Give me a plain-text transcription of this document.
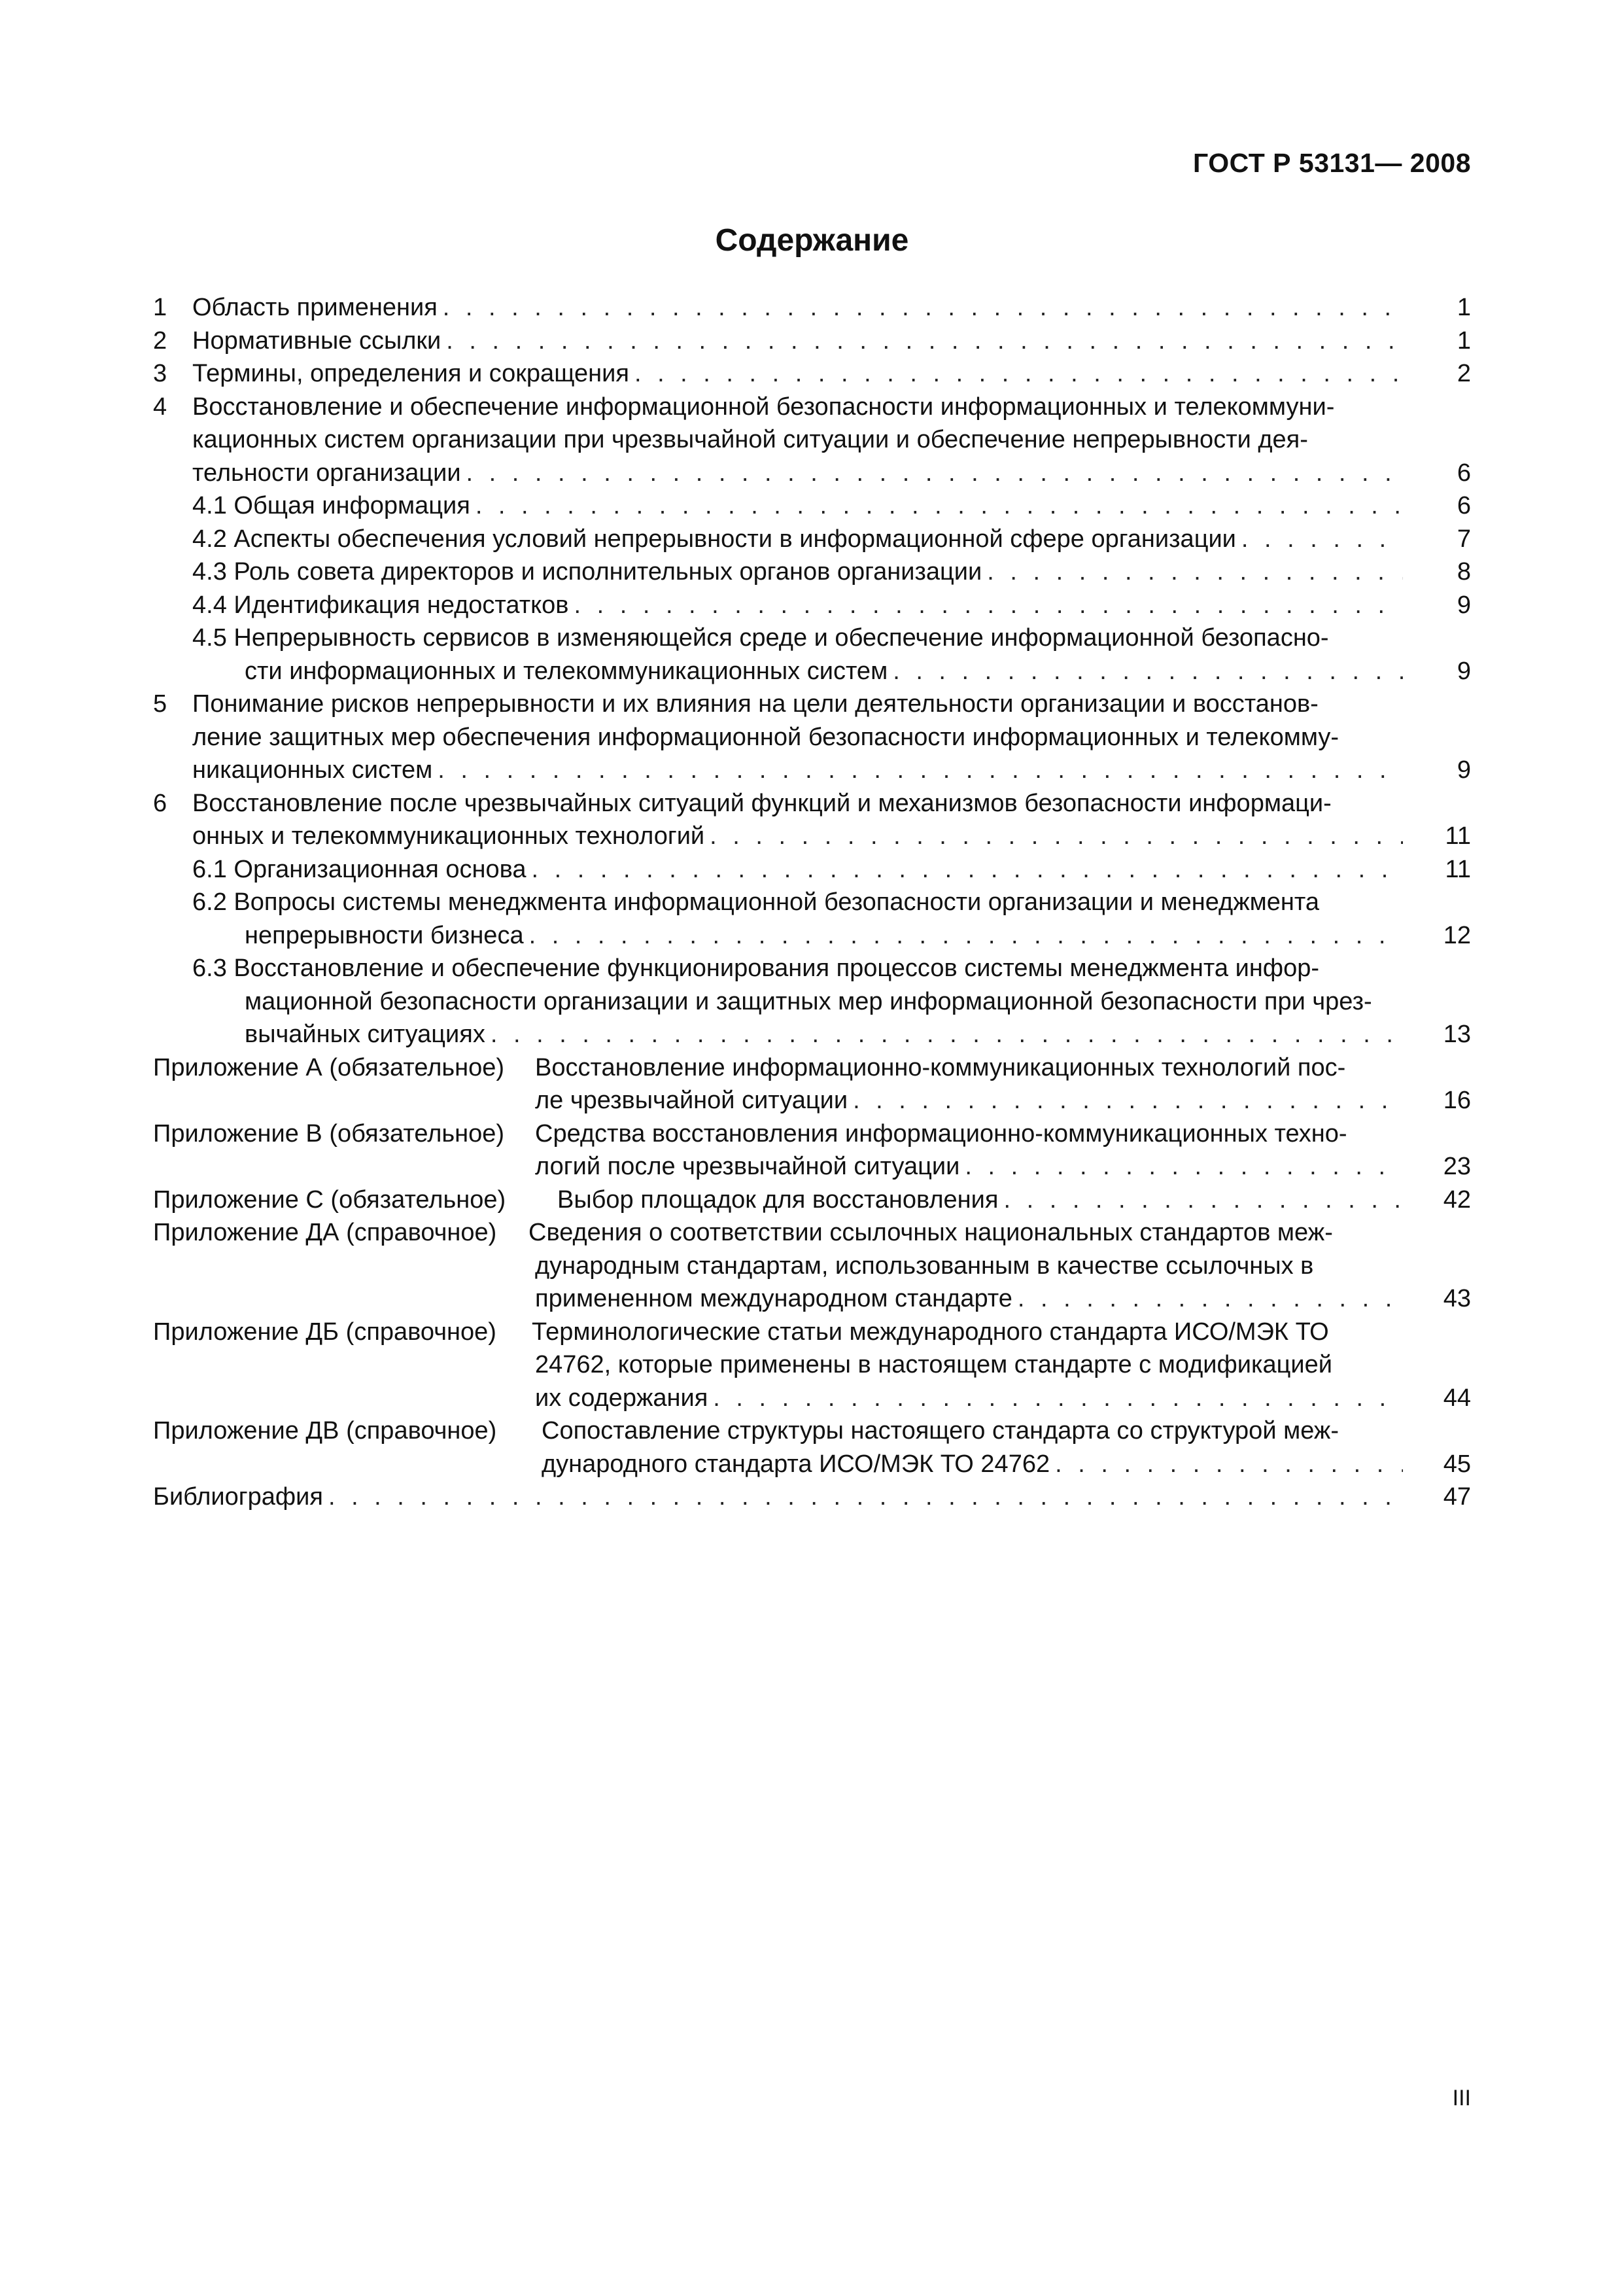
ГОСТ Р 53131— 2008
Содержание
1 Область применения . . .	1
2 Нормативные ссылки . . .	1
3 Термины, определения и сокращения . . .	2
4	Восстановление и обеспечение информационной безопасности информационных и телекоммуни-
кационных систем организации при чрезвычайной ситуации и обеспечение непрерывности дея-
тельности организации . . .	6
4.1 Общая информация . . .	6
4.2 Аспекты обеспечения условий непрерывности в информационной сфере организации . . .	7
4.3 Роль совета директоров и исполнительных органов организации . . .	8
4.4 Идентификация недостатков . . .	9
4.5 Непрерывность сервисов в изменяющейся среде и обеспечение информационной безопасно-
сти информационных и телекоммуникационных систем . . .	9
5	Понимание рисков непрерывности и их влияния на цели деятельности организации и восстанов-
ление защитных мер обеспечения информационной безопасности информационных и телекомму-
никационных систем . . .	9
6	Восстановление после чрезвычайных ситуаций функций и механизмов безопасности информаци-
онных и телекоммуникационных технологий . . .	11
6.1 Организационная основа . . .	11
6.2 Вопросы системы менеджмента информационной безопасности организации и менеджмента
непрерывности бизнеса . . .	12
6.3 Восстановление и обеспечение функционирования процессов системы менеджмента инфор-
мационной безопасности организации и защитных мер информационной безопасности при чрез-
вычайных ситуациях . . .	13
Приложение А (обязательное)	Восстановление информационно-коммуникационных технологий пос-
ле чрезвычайной ситуации . . .	16
Приложение В (обязательное)	Средства восстановления информационно-коммуникационных техно-
логий после чрезвычайной ситуации . . .	23
Приложение С (обязательное) Выбор площадок для восстановления . . .	42
Приложение ДА (справочное)	Сведения о соответствии ссылочных национальных стандартов меж-
дународным стандартам, использованным в качестве ссылочных в
примененном международном стандарте . . .	43
Приложение ДБ (справочное)	Терминологические статьи международного стандарта ИСО/МЭК ТО
24762, которые применены в настоящем стандарте с модификацией
их содержания . . .	44
Приложение ДВ (справочное)	Сопоставление структуры настоящего стандарта со структурой меж-
дународного стандарта ИСО/МЭК ТО 24762 . . .	45
Библиография . . .	47
III
